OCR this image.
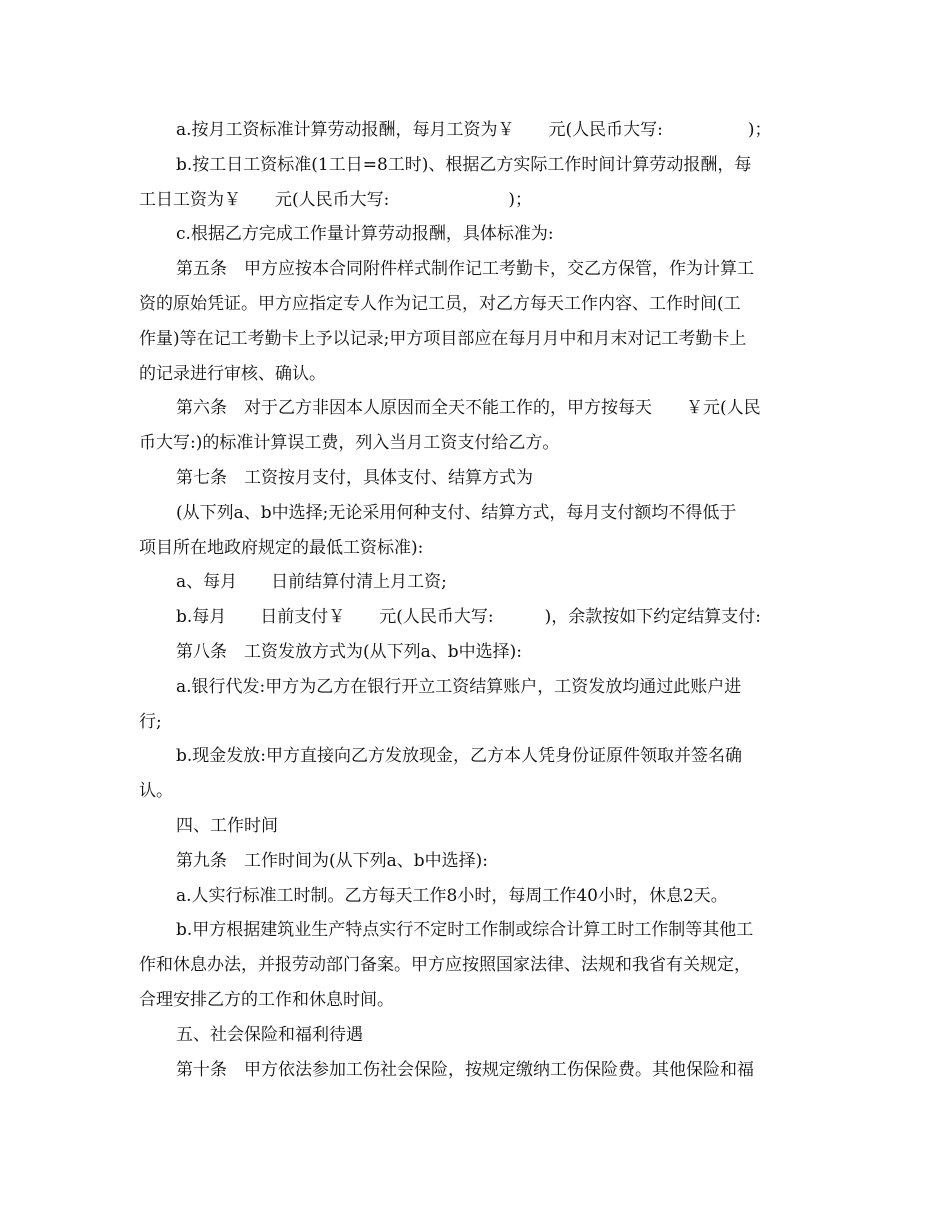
a.按月工资标准计算劳动报酬，每月工资为￥　　元(人民币大写:　　　　　)；
b.按工日工资标准(1工日=8工时)、根据乙方实际工作时间计算劳动报酬，每
工日工资为￥　　元(人民币大写:　　　　　　　)；
c.根据乙方完成工作量计算劳动报酬，具体标准为:
第五条　甲方应按本合同附件样式制作记工考勤卡，交乙方保管，作为计算工
资的原始凭证。甲方应指定专人作为记工员，对乙方每天工作内容、工作时间(工
作量)等在记工考勤卡上予以记录;甲方项目部应在每月月中和月末对记工考勤卡上
的记录进行审核、确认。
第六条　对于乙方非因本人原因而全天不能工作的，甲方按每天　　￥元(人民
币大写:)的标准计算误工费，列入当月工资支付给乙方。
第七条　工资按月支付，具体支付、结算方式为
(从下列a、b中选择;无论采用何种支付、结算方式，每月支付额均不得低于
项目所在地政府规定的最低工资标准):
a、每月　　日前结算付清上月工资;
b.每月　　日前支付￥　　元(人民币大写:　　　)，余款按如下约定结算支付:
第八条　工资发放方式为(从下列a、b中选择):
a.银行代发:甲方为乙方在银行开立工资结算账户，工资发放均通过此账户进
行;
b.现金发放:甲方直接向乙方发放现金，乙方本人凭身份证原件领取并签名确
认。
四、工作时间
第九条　工作时间为(从下列a、b中选择):
a.人实行标准工时制。乙方每天工作8小时，每周工作40小时，休息2天。
b.甲方根据建筑业生产特点实行不定时工作制或综合计算工时工作制等其他工
作和休息办法，并报劳动部门备案。甲方应按照国家法律、法规和我省有关规定，
合理安排乙方的工作和休息时间。
五、社会保险和福利待遇
第十条　甲方依法参加工伤社会保险，按规定缴纳工伤保险费。其他保险和福
